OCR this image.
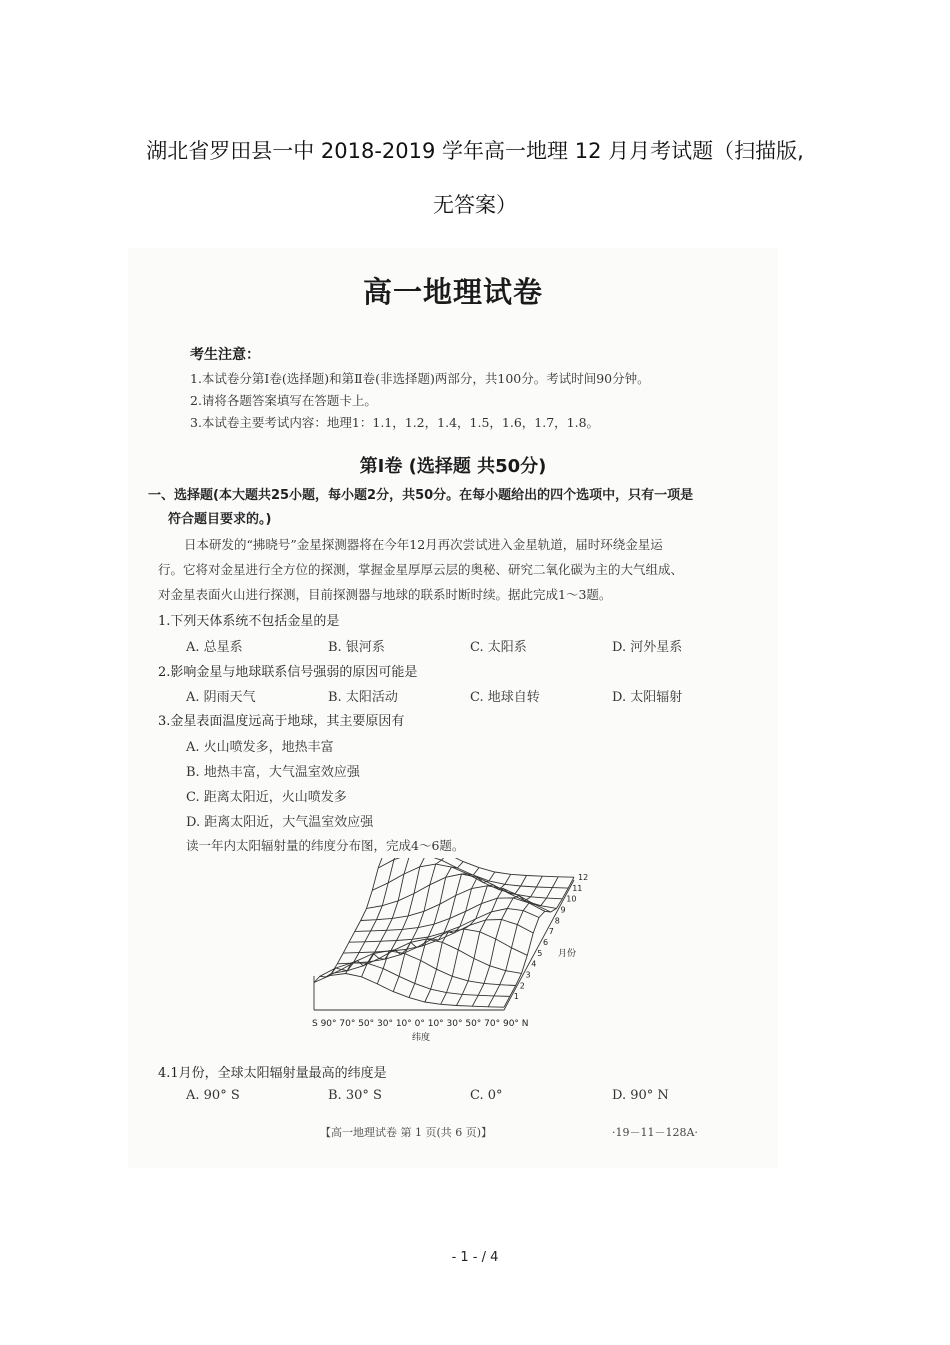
湖北省罗田县一中 2018-2019 学年高一地理 12 月月考试题（扫描版,
无答案）
高一地理试卷
考生注意：
1.本试卷分第Ⅰ卷(选择题)和第Ⅱ卷(非选择题)两部分，共100分。考试时间90分钟。
2.请将各题答案填写在答题卡上。
3.本试卷主要考试内容：地理1：1.1，1.2，1.4，1.5，1.6，1.7，1.8。
第Ⅰ卷 (选择题 共50分)
一、选择题(本大题共25小题，每小题2分，共50分。在每小题给出的四个选项中，只有一项是
符合题目要求的。)
日本研发的“拂晓号”金星探测器将在今年12月再次尝试进入金星轨道，届时环绕金星运
行。它将对金星进行全方位的探测，掌握金星厚厚云层的奥秘、研究二氧化碳为主的大气组成、
对金星表面火山进行探测，目前探测器与地球的联系时断时续。据此完成1～3题。
1.下列天体系统不包括金星的是
A. 总星系	B. 银河系	C. 太阳系	D. 河外星系
2.影响金星与地球联系信号强弱的原因可能是
A. 阴雨天气	B. 太阳活动	C. 地球自转	D. 太阳辐射
3.金星表面温度远高于地球，其主要原因有
A. 火山喷发多，地热丰富
B. 地热丰富，大气温室效应强
C. 距离太阳近，火山喷发多
D. 距离太阳近，大气温室效应强
读一年内太阳辐射量的纬度分布图，完成4～6题。
S 90° 70° 50° 30° 10° 0° 10° 30° 50° 70° 90° N
纬度
月份
1
2
3
4
5
6
7
8
9
10
11
12
4.1月份，全球太阳辐射量最高的纬度是
A. 90° S	B. 30° S	C. 0°	D. 90° N
【高一地理试卷 第 1 页(共 6 页)】	·19－11－128A·
- 1 - / 4
